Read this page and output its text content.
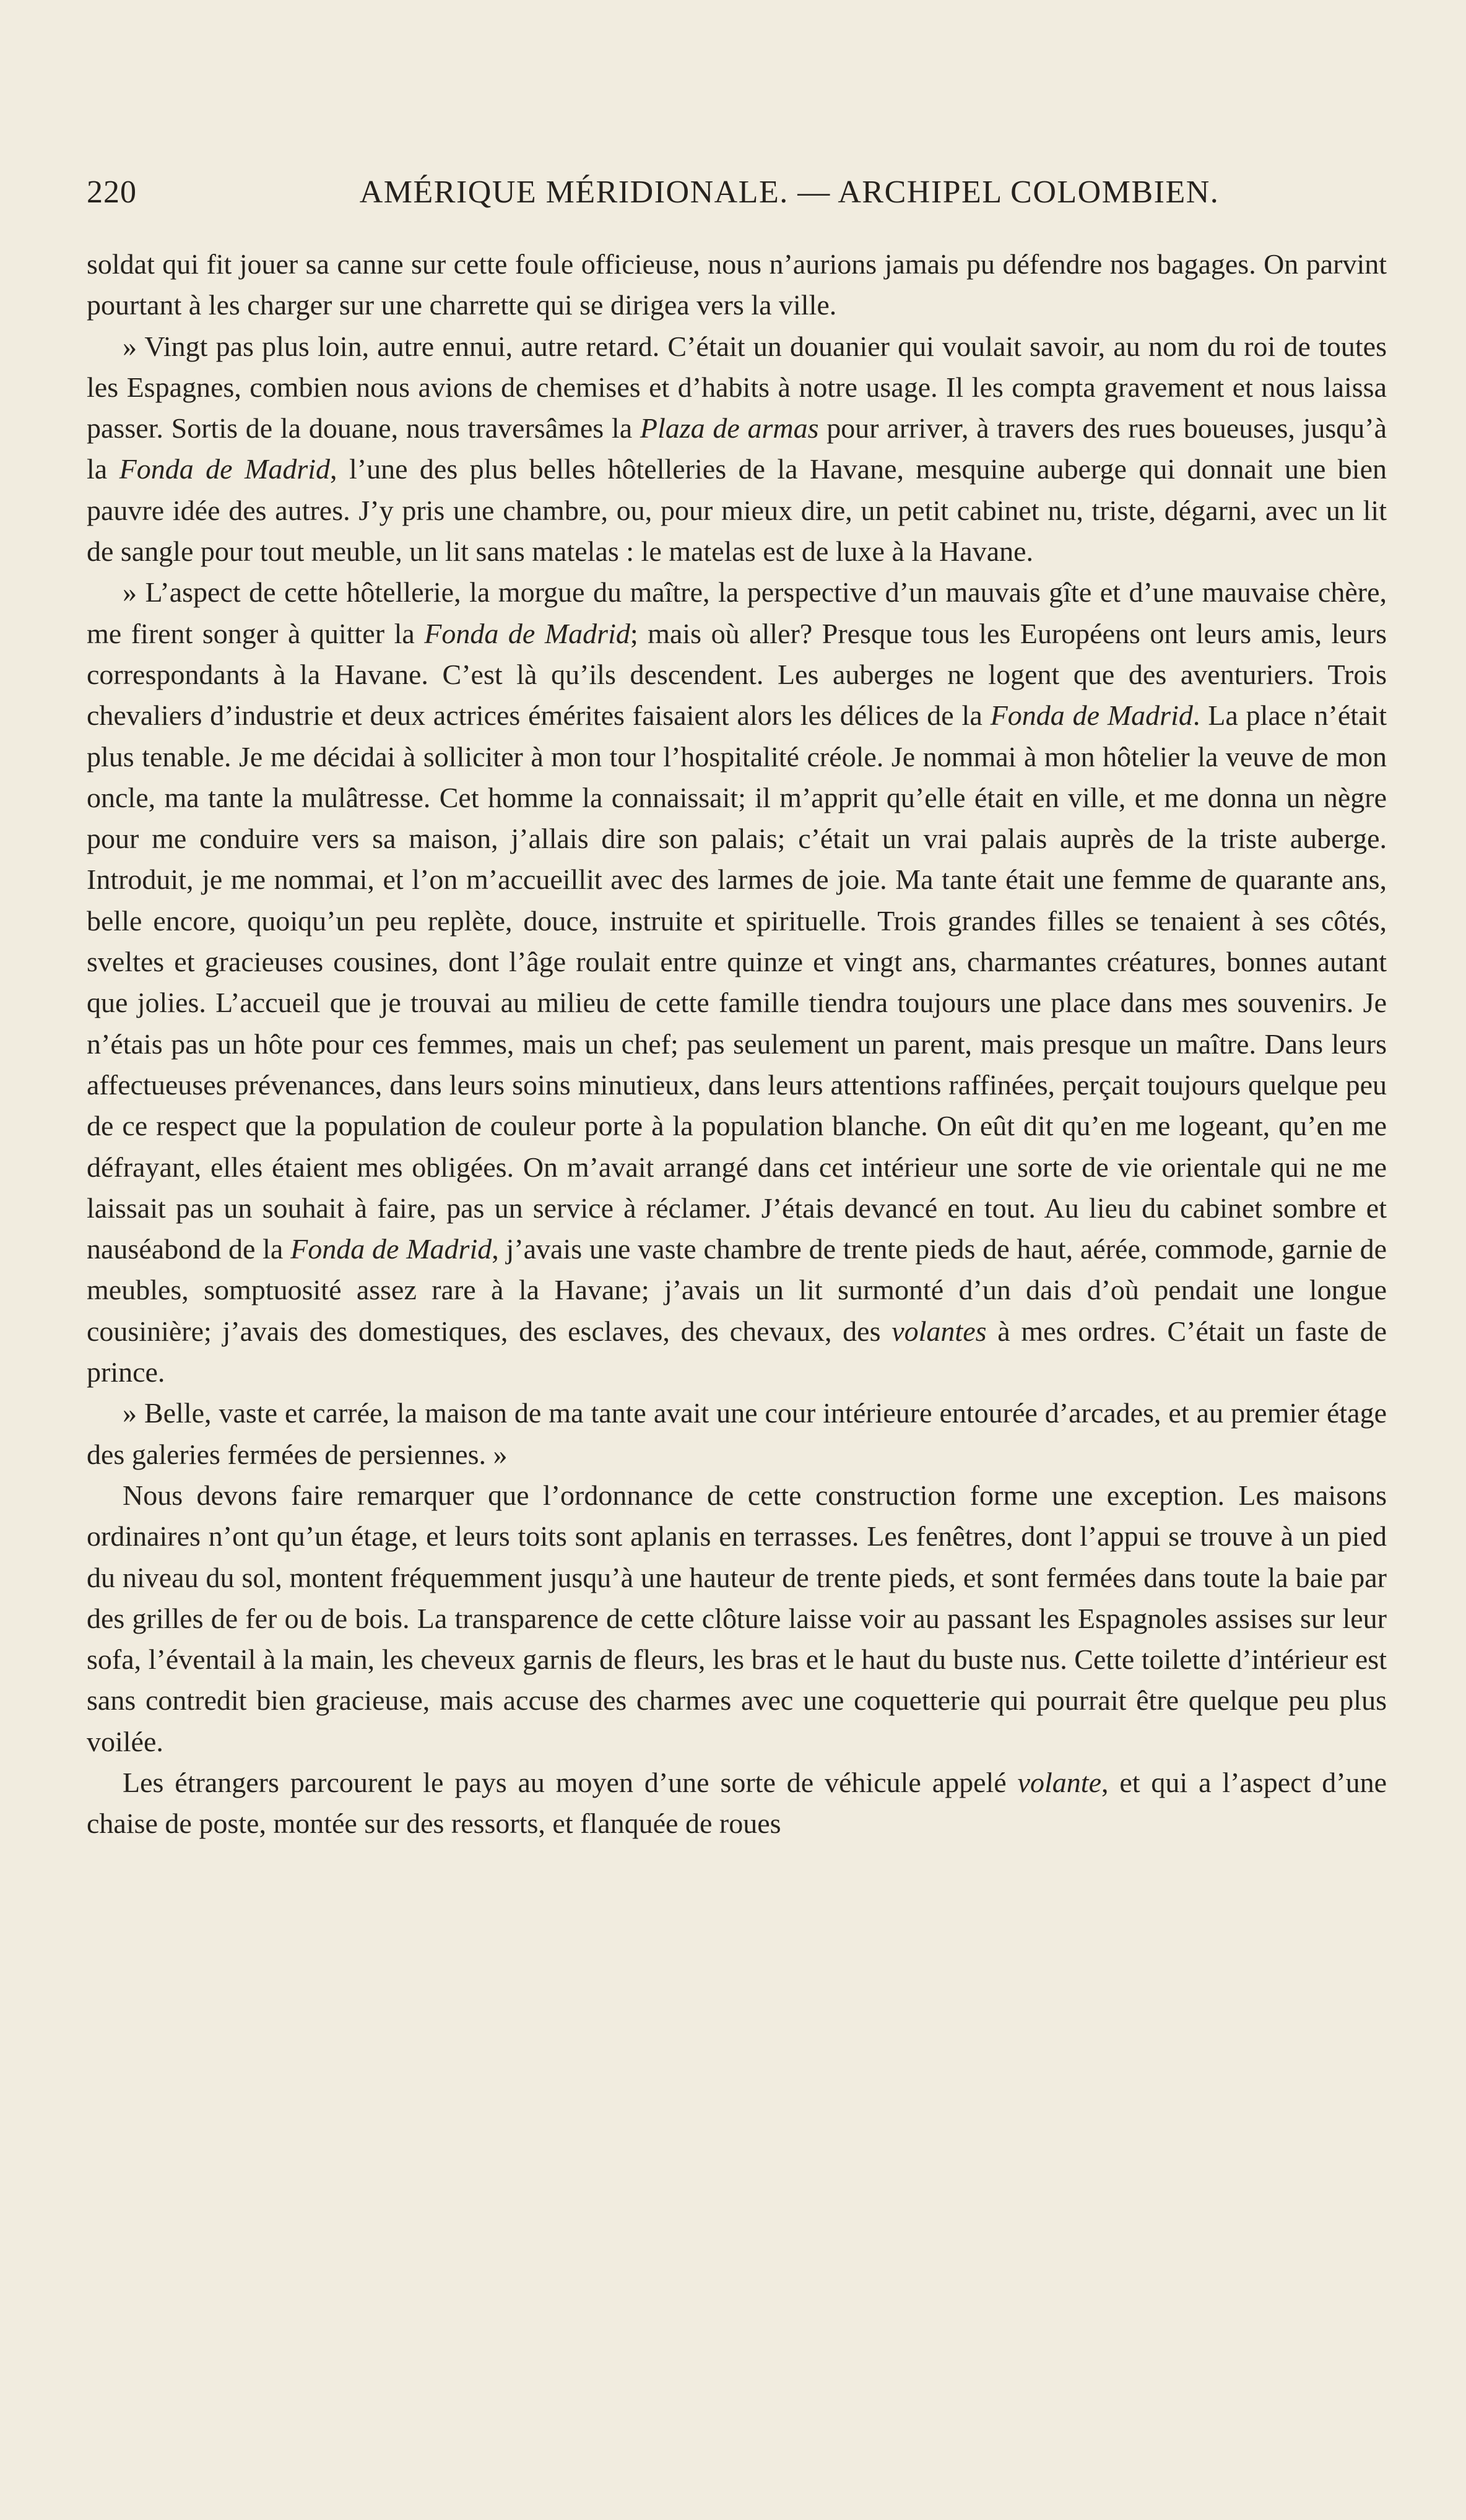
220	AMÉRIQUE MÉRIDIONALE. — ARCHIPEL COLOMBIEN.

soldat qui fit jouer sa canne sur cette foule officieuse, nous n’aurions jamais pu défendre nos bagages. On parvint pourtant à les charger sur une charrette qui se dirigea vers la ville.

» Vingt pas plus loin, autre ennui, autre retard. C’était un douanier qui voulait savoir, au nom du roi de toutes les Espagnes, combien nous avions de chemises et d’habits à notre usage. Il les compta gravement et nous laissa passer. Sortis de la douane, nous traversâmes la Plaza de armas pour arriver, à travers des rues boueuses, jusqu’à la Fonda de Madrid, l’une des plus belles hôtelleries de la Havane, mesquine auberge qui donnait une bien pauvre idée des autres. J’y pris une chambre, ou, pour mieux dire, un petit cabinet nu, triste, dégarni, avec un lit de sangle pour tout meuble, un lit sans matelas : le matelas est de luxe à la Havane.

» L’aspect de cette hôtellerie, la morgue du maître, la perspective d’un mauvais gîte et d’une mauvaise chère, me firent songer à quitter la Fonda de Madrid; mais où aller? Presque tous les Européens ont leurs amis, leurs correspondants à la Havane. C’est là qu’ils descendent. Les auberges ne logent que des aventuriers. Trois chevaliers d’industrie et deux actrices émérites faisaient alors les délices de la Fonda de Madrid. La place n’était plus tenable. Je me décidai à solliciter à mon tour l’hospitalité créole. Je nommai à mon hôtelier la veuve de mon oncle, ma tante la mulâtresse. Cet homme la connaissait; il m’apprit qu’elle était en ville, et me donna un nègre pour me conduire vers sa maison, j’allais dire son palais; c’était un vrai palais auprès de la triste auberge. Introduit, je me nommai, et l’on m’accueillit avec des larmes de joie. Ma tante était une femme de quarante ans, belle encore, quoiqu’un peu replète, douce, instruite et spirituelle. Trois grandes filles se tenaient à ses côtés, sveltes et gracieuses cousines, dont l’âge roulait entre quinze et vingt ans, charmantes créatures, bonnes autant que jolies. L’accueil que je trouvai au milieu de cette famille tiendra toujours une place dans mes souvenirs. Je n’étais pas un hôte pour ces femmes, mais un chef; pas seulement un parent, mais presque un maître. Dans leurs affectueuses prévenances, dans leurs soins minutieux, dans leurs attentions raffinées, perçait toujours quelque peu de ce respect que la population de couleur porte à la population blanche. On eût dit qu’en me logeant, qu’en me défrayant, elles étaient mes obligées. On m’avait arrangé dans cet intérieur une sorte de vie orientale qui ne me laissait pas un souhait à faire, pas un service à réclamer. J’étais devancé en tout. Au lieu du cabinet sombre et nauséabond de la Fonda de Madrid, j’avais une vaste chambre de trente pieds de haut, aérée, commode, garnie de meubles, somptuosité assez rare à la Havane; j’avais un lit surmonté d’un dais d’où pendait une longue cousinière; j’avais des domestiques, des esclaves, des chevaux, des volantes à mes ordres. C’était un faste de prince.

» Belle, vaste et carrée, la maison de ma tante avait une cour intérieure entourée d’arcades, et au premier étage des galeries fermées de persiennes. »

Nous devons faire remarquer que l’ordonnance de cette construction forme une exception. Les maisons ordinaires n’ont qu’un étage, et leurs toits sont aplanis en terrasses. Les fenêtres, dont l’appui se trouve à un pied du niveau du sol, montent fréquemment jusqu’à une hauteur de trente pieds, et sont fermées dans toute la baie par des grilles de fer ou de bois. La transparence de cette clôture laisse voir au passant les Espagnoles assises sur leur sofa, l’éventail à la main, les cheveux garnis de fleurs, les bras et le haut du buste nus. Cette toilette d’intérieur est sans contredit bien gracieuse, mais accuse des charmes avec une coquetterie qui pourrait être quelque peu plus voilée.

Les étrangers parcourent le pays au moyen d’une sorte de véhicule appelé volante, et qui a l’aspect d’une chaise de poste, montée sur des ressorts, et flanquée de roues
